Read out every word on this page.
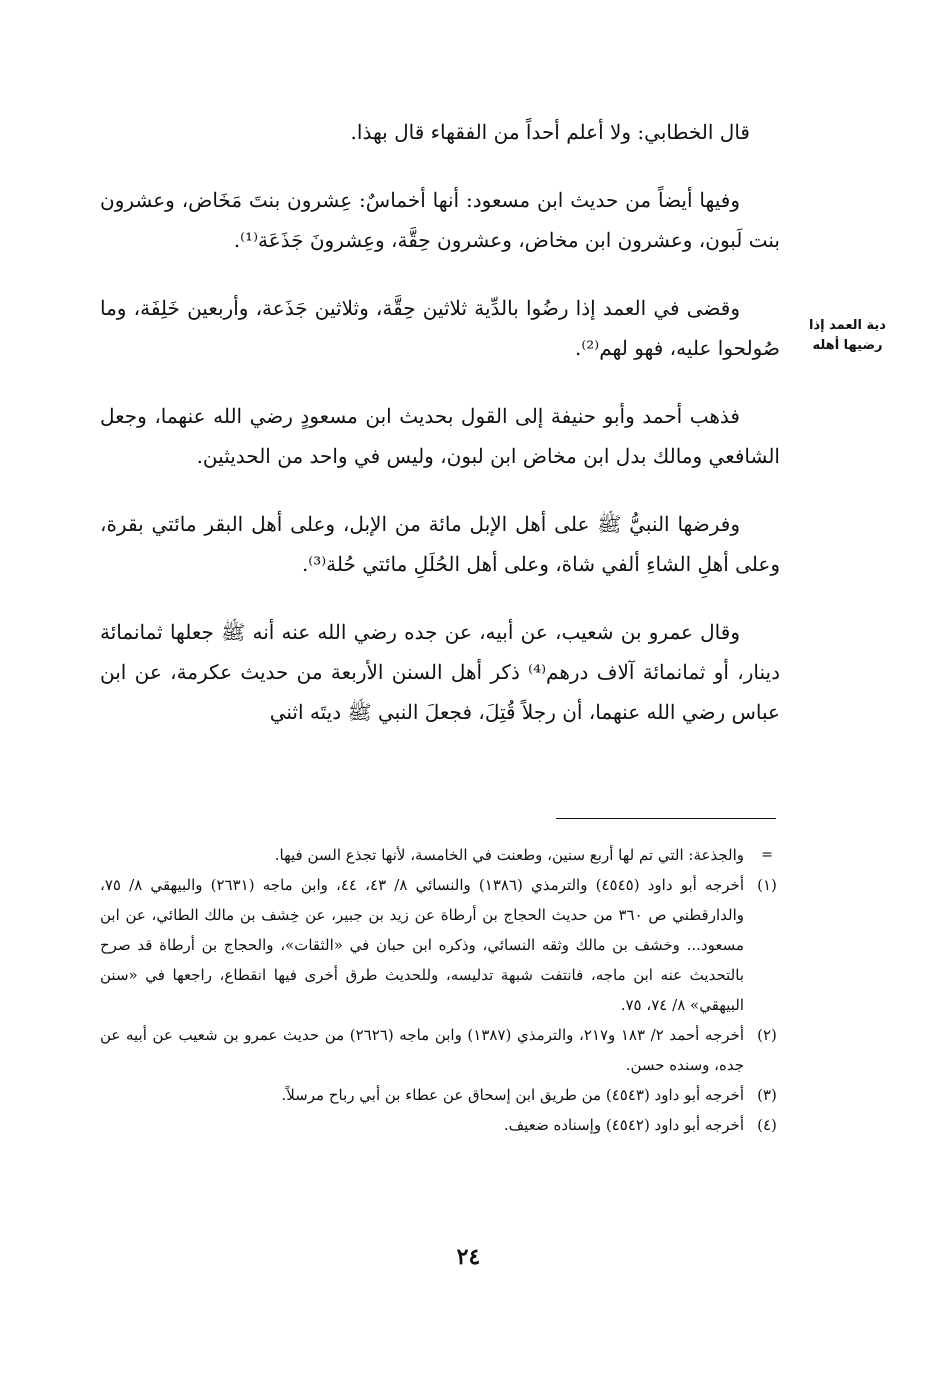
دية العمد إذا رضيها أهله

قال الخطابي: ولا أعلم أحداً من الفقهاء قال بهذا.

وفيها أيضاً من حديث ابن مسعود: أنها أخماسٌ: عِشرون بنتَ مَخَاض، وعشرون بنت لَبون، وعشرون ابن مخاض، وعشرون حِقَّة، وعِشرونَ جَذَعَة⁽¹⁾.

وقضى في العمد إذا رضُوا بالدِّية ثلاثين حِقَّة، وثلاثين جَذَعة، وأربعين خَلِفَة، وما صُولحوا عليه، فهو لهم⁽²⁾.

فذهب أحمد وأبو حنيفة إلى القول بحديث ابن مسعودٍ رضي الله عنهما، وجعل الشافعي ومالك بدل ابن مخاض ابن لبون، وليس في واحد من الحديثين.

وفرضها النبيُّ ﷺ على أهل الإبل مائة من الإبل، وعلى أهل البقر مائتي بقرة، وعلى أهلِ الشاءِ ألفي شاة، وعلى أهل الحُلَلِ مائتي حُلة⁽³⁾.

وقال عمرو بن شعيب، عن أبيه، عن جده رضي الله عنه أنه ﷺ جعلها ثمانمائة دينار، أو ثمانمائة آلاف درهم⁽⁴⁾ ذكر أهل السنن الأربعة من حديث عكرمة، عن ابن عباس رضي الله عنهما، أن رجلاً قُتِلَ، فجعلَ النبي ﷺ ديتَه اثني

=
والجذعة: التي تم لها أربع سنين، وطعنت في الخامسة، لأنها تجذع السن فيها.
(١)
أخرجه أبو داود (٤٥٤٥) والترمذي (١٣٨٦) والنسائي ٨/ ٤٣، ٤٤، وابن ماجه (٢٦٣١) والبيهقي ٨/ ٧٥، والدارقطني ص ٣٦٠ من حديث الحجاج بن أرطاة عن زيد بن جبير، عن خِشف بن مالك الطائي، عن ابن مسعود... وخشف بن مالك وثقه النسائي، وذكره ابن حبان في «الثقات»، والحجاج بن أرطاة قد صرح بالتحديث عنه ابن ماجه، فانتفت شبهة تدليسه، وللحديث طرق أخرى فيها انقطاع، راجعها في «سنن البيهقي» ٨/ ٧٤، ٧٥.
(٢)
أخرجه أحمد ٢/ ١٨٣ و٢١٧، والترمذي (١٣٨٧) وابن ماجه (٢٦٢٦) من حديث عمرو بن شعيب عن أبيه عن جده، وسنده حسن.
(٣)
أخرجه أبو داود (٤٥٤٣) من طريق ابن إسحاق عن عطاء بن أبي رباح مرسلاً.
(٤)
أخرجه أبو داود (٤٥٤٢) وإسناده ضعيف.
٢٤
